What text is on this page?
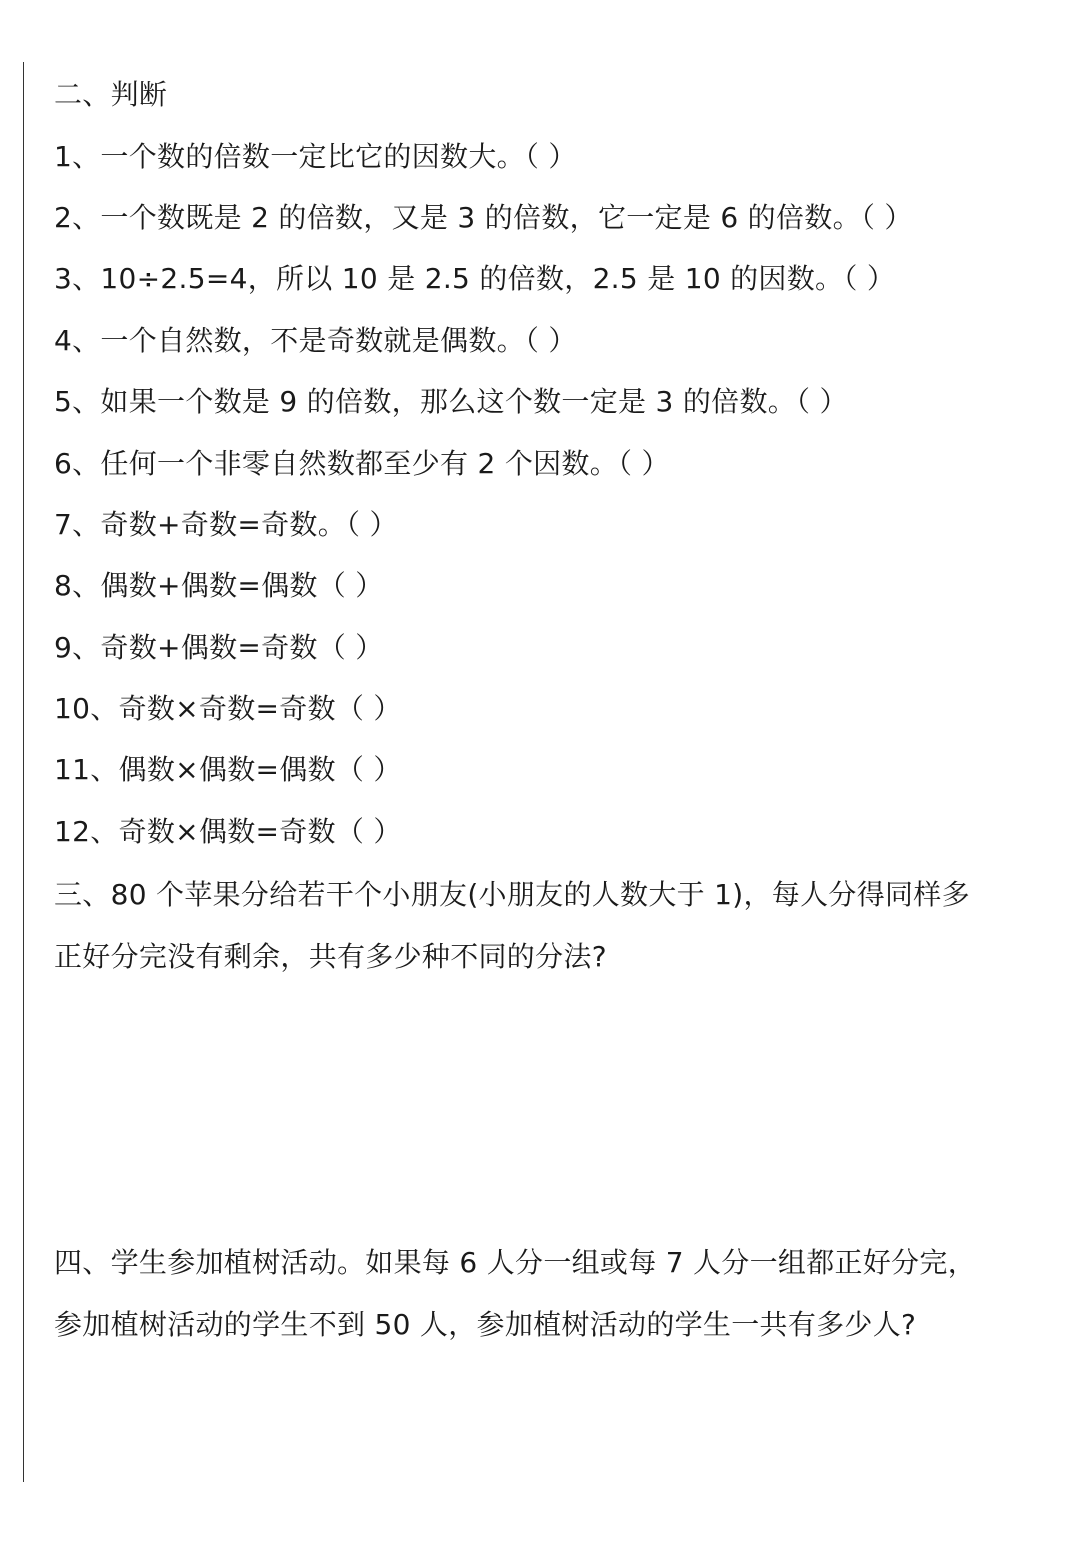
二、判断
1、一个数的倍数一定比它的因数大。（ ）
2、一个数既是 2 的倍数，又是 3 的倍数，它一定是 6 的倍数。（ ）
3、10÷2.5=4，所以 10 是 2.5 的倍数，2.5 是 10 的因数。（ ）
4、一个自然数，不是奇数就是偶数。（ ）
5、如果一个数是 9 的倍数，那么这个数一定是 3 的倍数。（ ）
6、任何一个非零自然数都至少有 2 个因数。（ ）
7、奇数+奇数=奇数。（ ）
8、偶数+偶数=偶数（ ）
9、奇数+偶数=奇数（ ）
10、奇数×奇数=奇数（ ）
11、偶数×偶数=偶数（ ）
12、奇数×偶数=奇数（ ）
三、80 个苹果分给若干个小朋友(小朋友的人数大于 1)，每人分得同样多
正好分完没有剩余，共有多少种不同的分法?
四、学生参加植树活动。如果每 6 人分一组或每 7 人分一组都正好分完，
参加植树活动的学生不到 50 人，参加植树活动的学生一共有多少人?
